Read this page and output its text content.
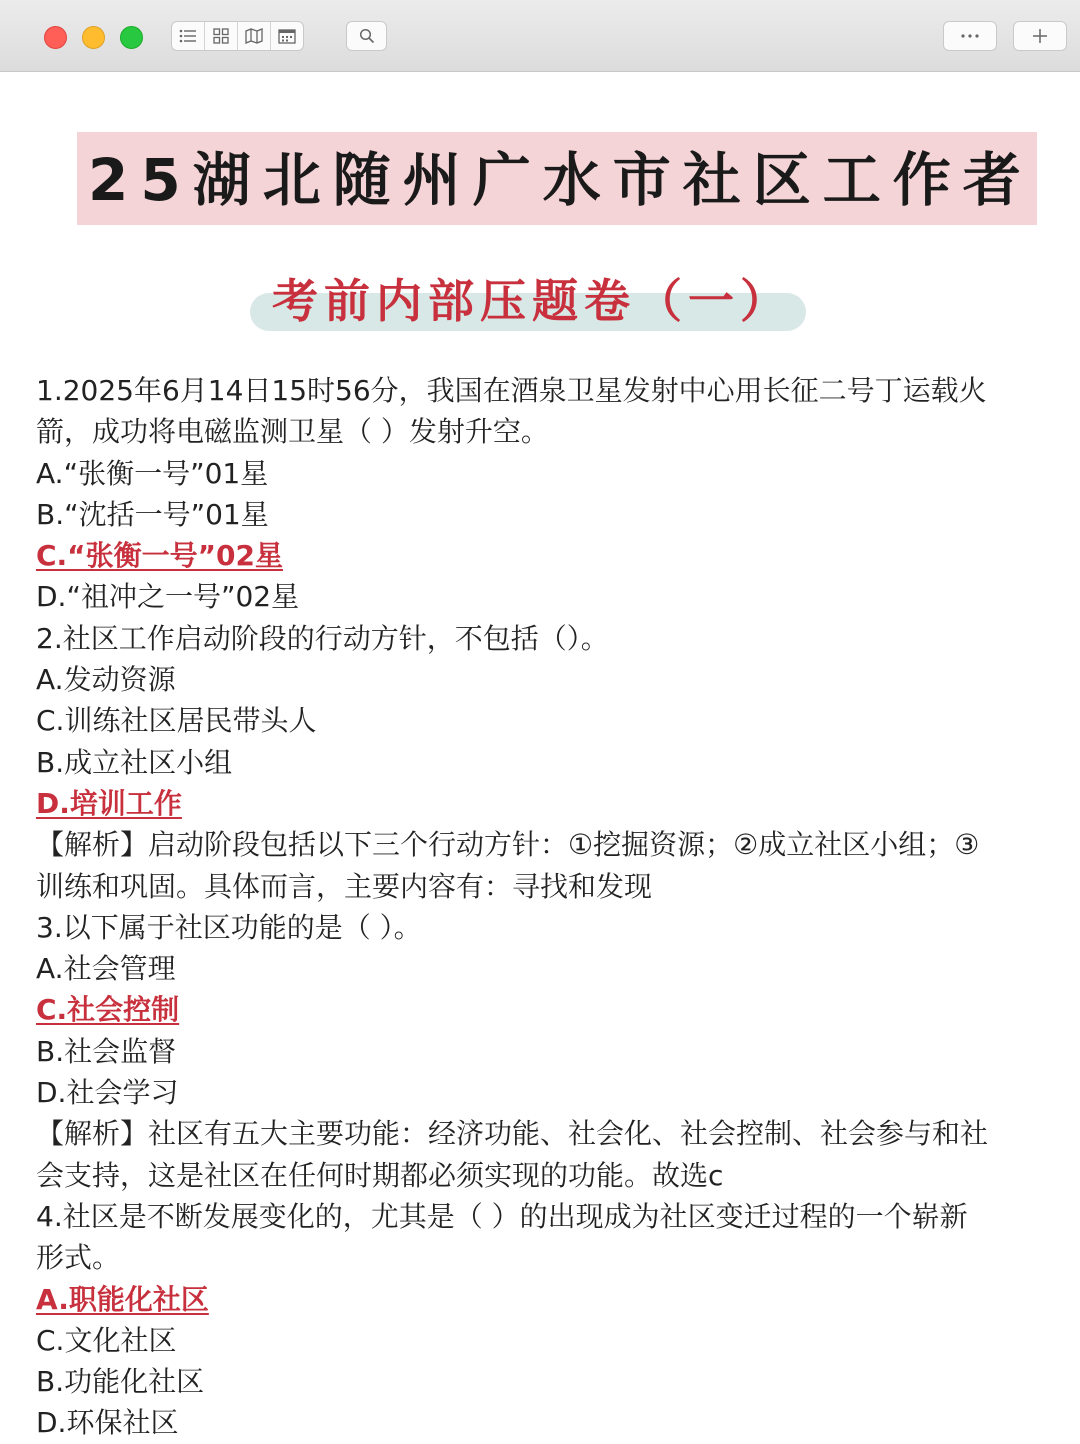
25湖北随州广水市社区工作者
考前内部压题卷（一）
1.2025年6月14日15时56分，我国在酒泉卫星发射中心用长征二号丁运载火
箭，成功将电磁监测卫星（ ）发射升空。
A.“张衡一号”01星
B.“沈括一号”01星
C.“张衡一号”02星
D.“祖冲之一号”02星
2.社区工作启动阶段的行动方针，不包括（）。
A.发动资源
C.训练社区居民带头人
B.成立社区小组
D.培训工作
【解析】启动阶段包括以下三个行动方针：①挖掘资源；②成立社区小组；③
训练和巩固。具体而言，主要内容有：寻找和发现
3.以下属于社区功能的是（ ）。
A.社会管理
C.社会控制
B.社会监督
D.社会学习
【解析】社区有五大主要功能：经济功能、社会化、社会控制、社会参与和社
会支持，这是社区在任何时期都必须实现的功能。故选c
4.社区是不断发展变化的，尤其是（ ）的出现成为社区变迁过程的一个崭新
形式。
A.职能化社区
C.文化社区
B.功能化社区
D.环保社区
